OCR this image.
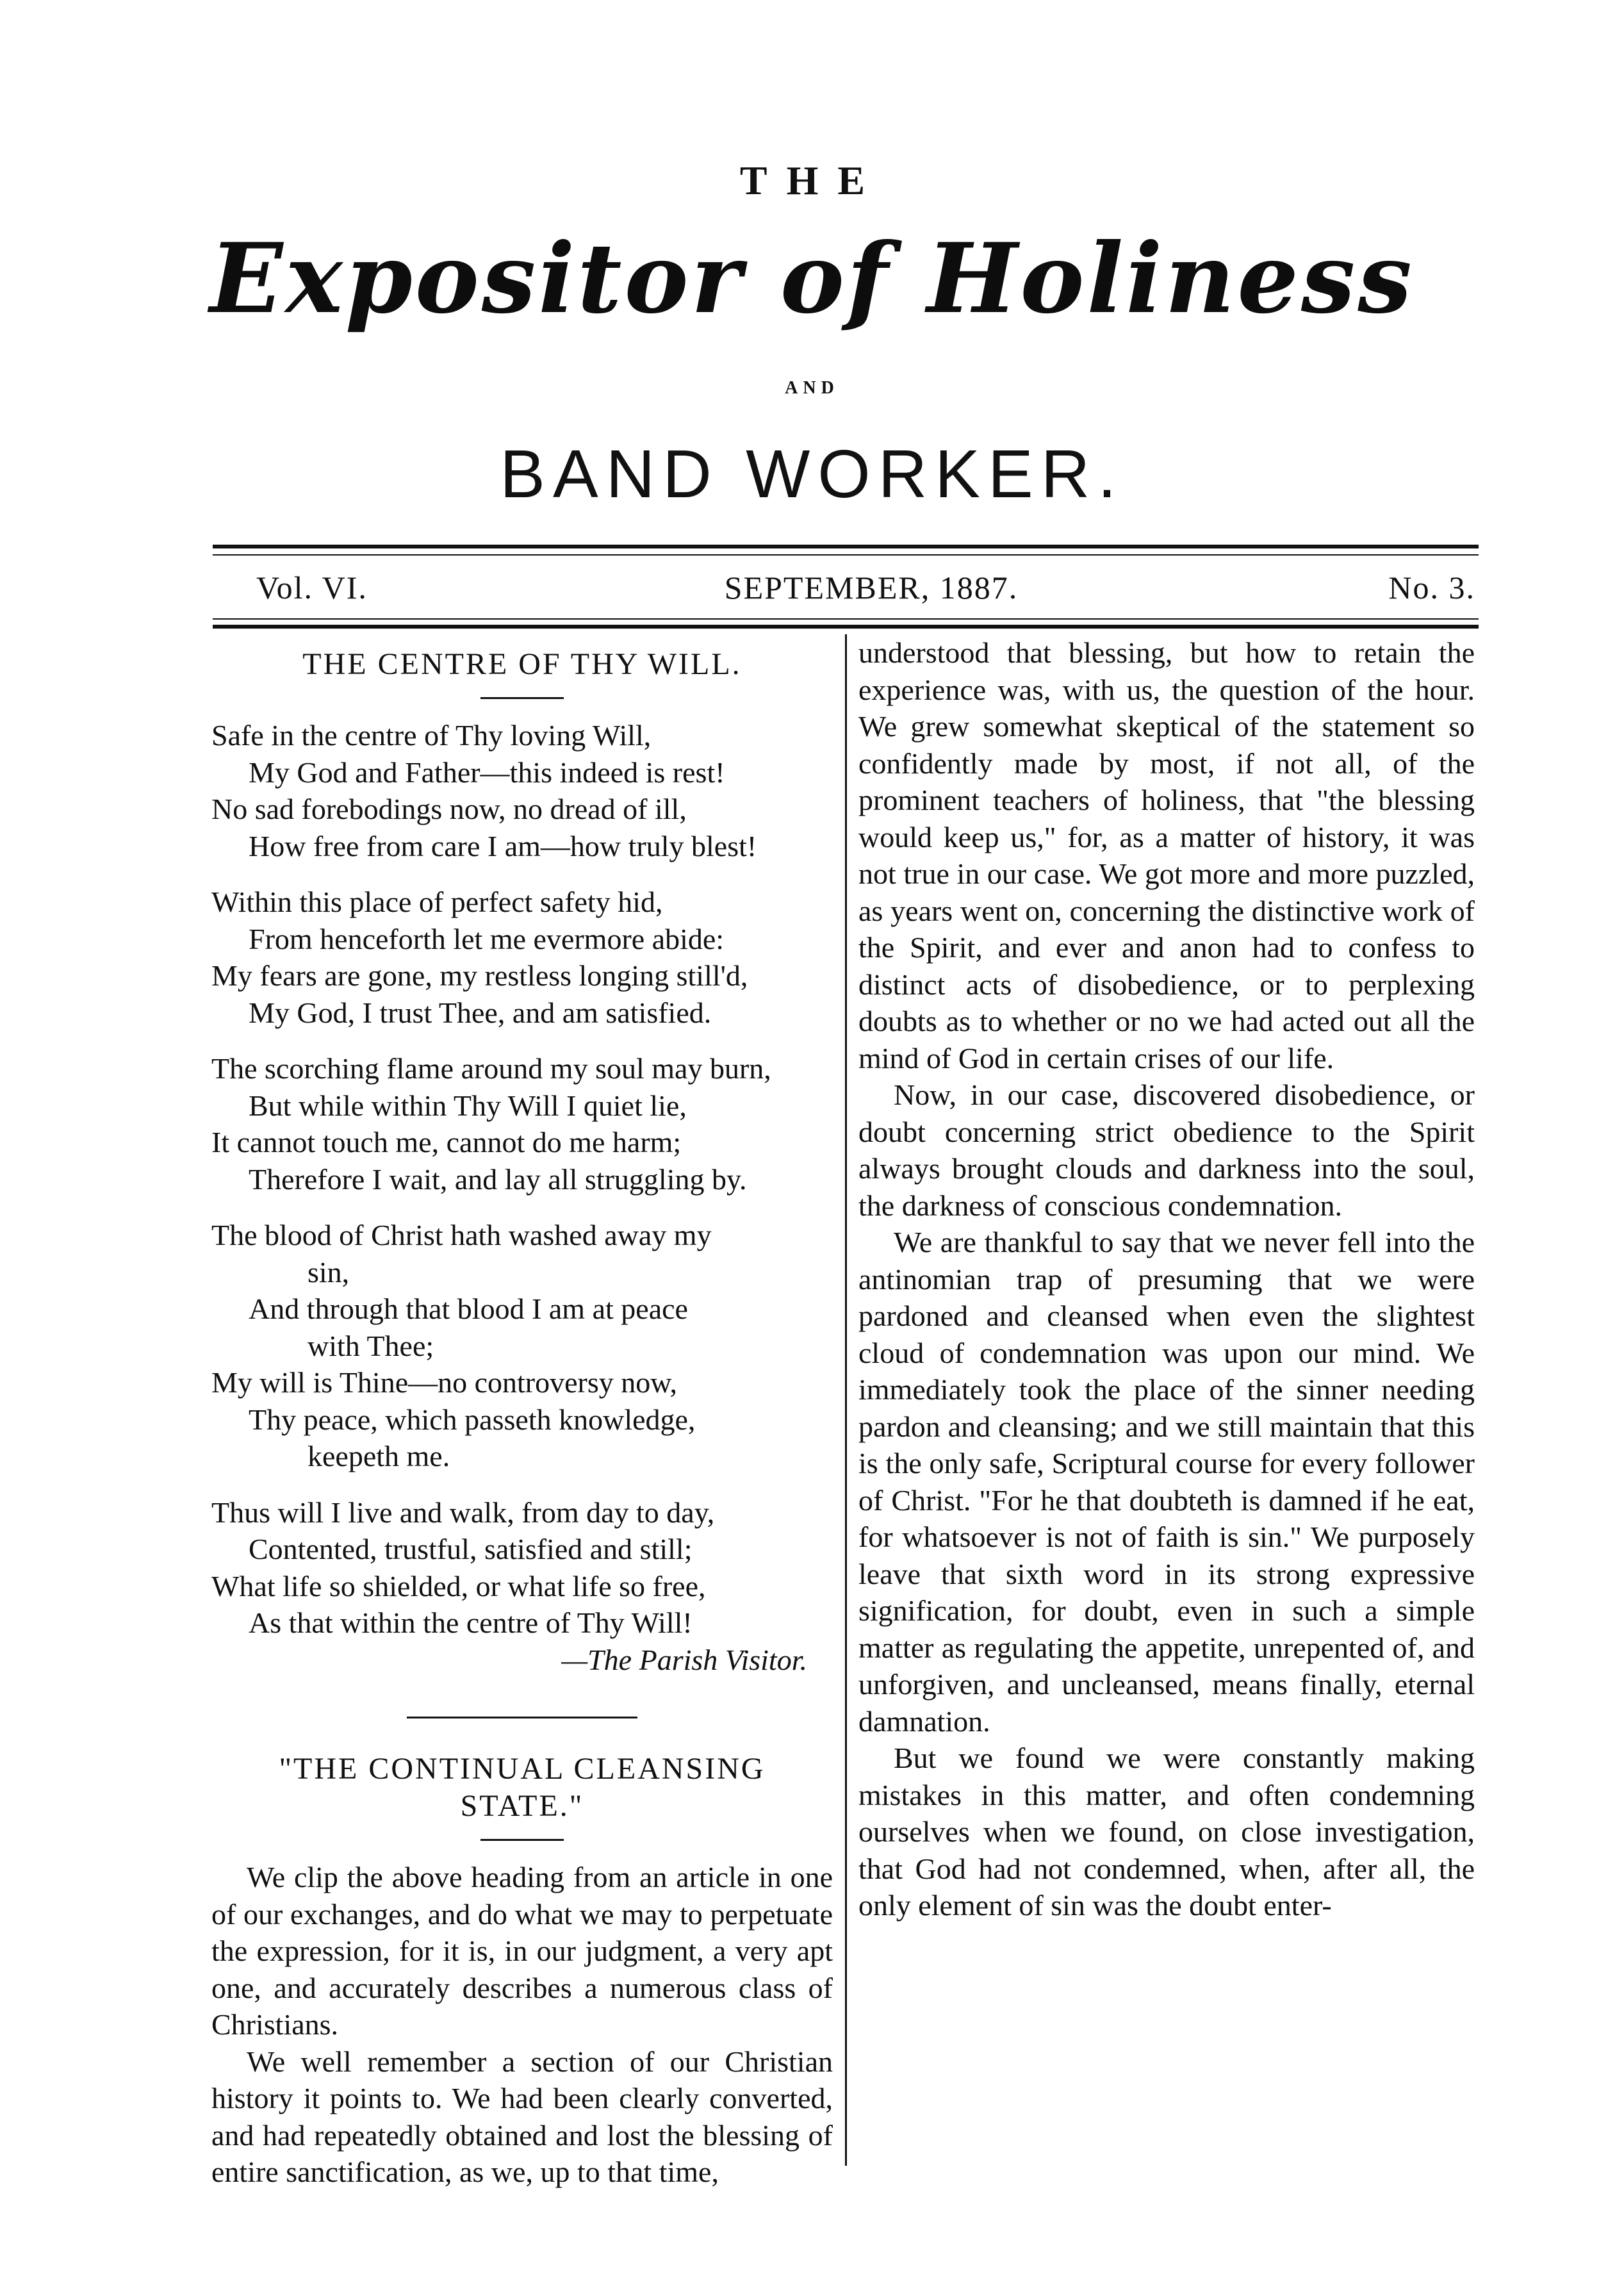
THE
Expositor of Holiness
AND
BAND WORKER.
Vol. VI.	SEPTEMBER, 1887.	No. 3.
THE CENTRE OF THY WILL.
Safe in the centre of Thy loving Will,
My God and Father—this indeed is rest!
No sad forebodings now, no dread of ill,
How free from care I am—how truly blest!
Within this place of perfect safety hid,
From henceforth let me evermore abide:
My fears are gone, my restless longing still'd,
My God, I trust Thee, and am satisfied.
The scorching flame around my soul may burn,
But while within Thy Will I quiet lie,
It cannot touch me, cannot do me harm;
Therefore I wait, and lay all struggling by.
The blood of Christ hath washed away my
sin,
And through that blood I am at peace
with Thee;
My will is Thine—no controversy now,
Thy peace, which passeth knowledge,
keepeth me.
Thus will I live and walk, from day to day,
Contented, trustful, satisfied and still;
What life so shielded, or what life so free,
As that within the centre of Thy Will!
—The Parish Visitor.
"THE CONTINUAL CLEANSING
STATE."

We clip the above heading from an article in one of our exchanges, and do what we may to perpetuate the expression, for it is, in our judgment, a very apt one, and accurately describes a numerous class of Christians.

We well remember a section of our Christian history it points to. We had been clearly converted, and had repeatedly obtained and lost the blessing of entire sanctification, as we, up to that time,

understood that blessing, but how to retain the experience was, with us, the question of the hour. We grew somewhat skeptical of the statement so confidently made by most, if not all, of the prominent teachers of holiness, that "the blessing would keep us," for, as a matter of history, it was not true in our case. We got more and more puzzled, as years went on, concerning the distinctive work of the Spirit, and ever and anon had to confess to distinct acts of disobedience, or to perplexing doubts as to whether or no we had acted out all the mind of God in certain crises of our life.

Now, in our case, discovered disobedience, or doubt concerning strict obedience to the Spirit always brought clouds and darkness into the soul, the darkness of conscious condemnation.

We are thankful to say that we never fell into the antinomian trap of presuming that we were pardoned and cleansed when even the slightest cloud of condemnation was upon our mind. We immediately took the place of the sinner needing pardon and cleansing; and we still maintain that this is the only safe, Scriptural course for every follower of Christ. "For he that doubteth is damned if he eat, for whatsoever is not of faith is sin." We purposely leave that sixth word in its strong expressive signification, for doubt, even in such a simple matter as regulating the appetite, unrepented of, and unforgiven, and uncleansed, means finally, eternal damnation.

But we found we were constantly making mistakes in this matter, and often condemning ourselves when we found, on close investigation, that God had not condemned, when, after all, the only element of sin was the doubt enter-
